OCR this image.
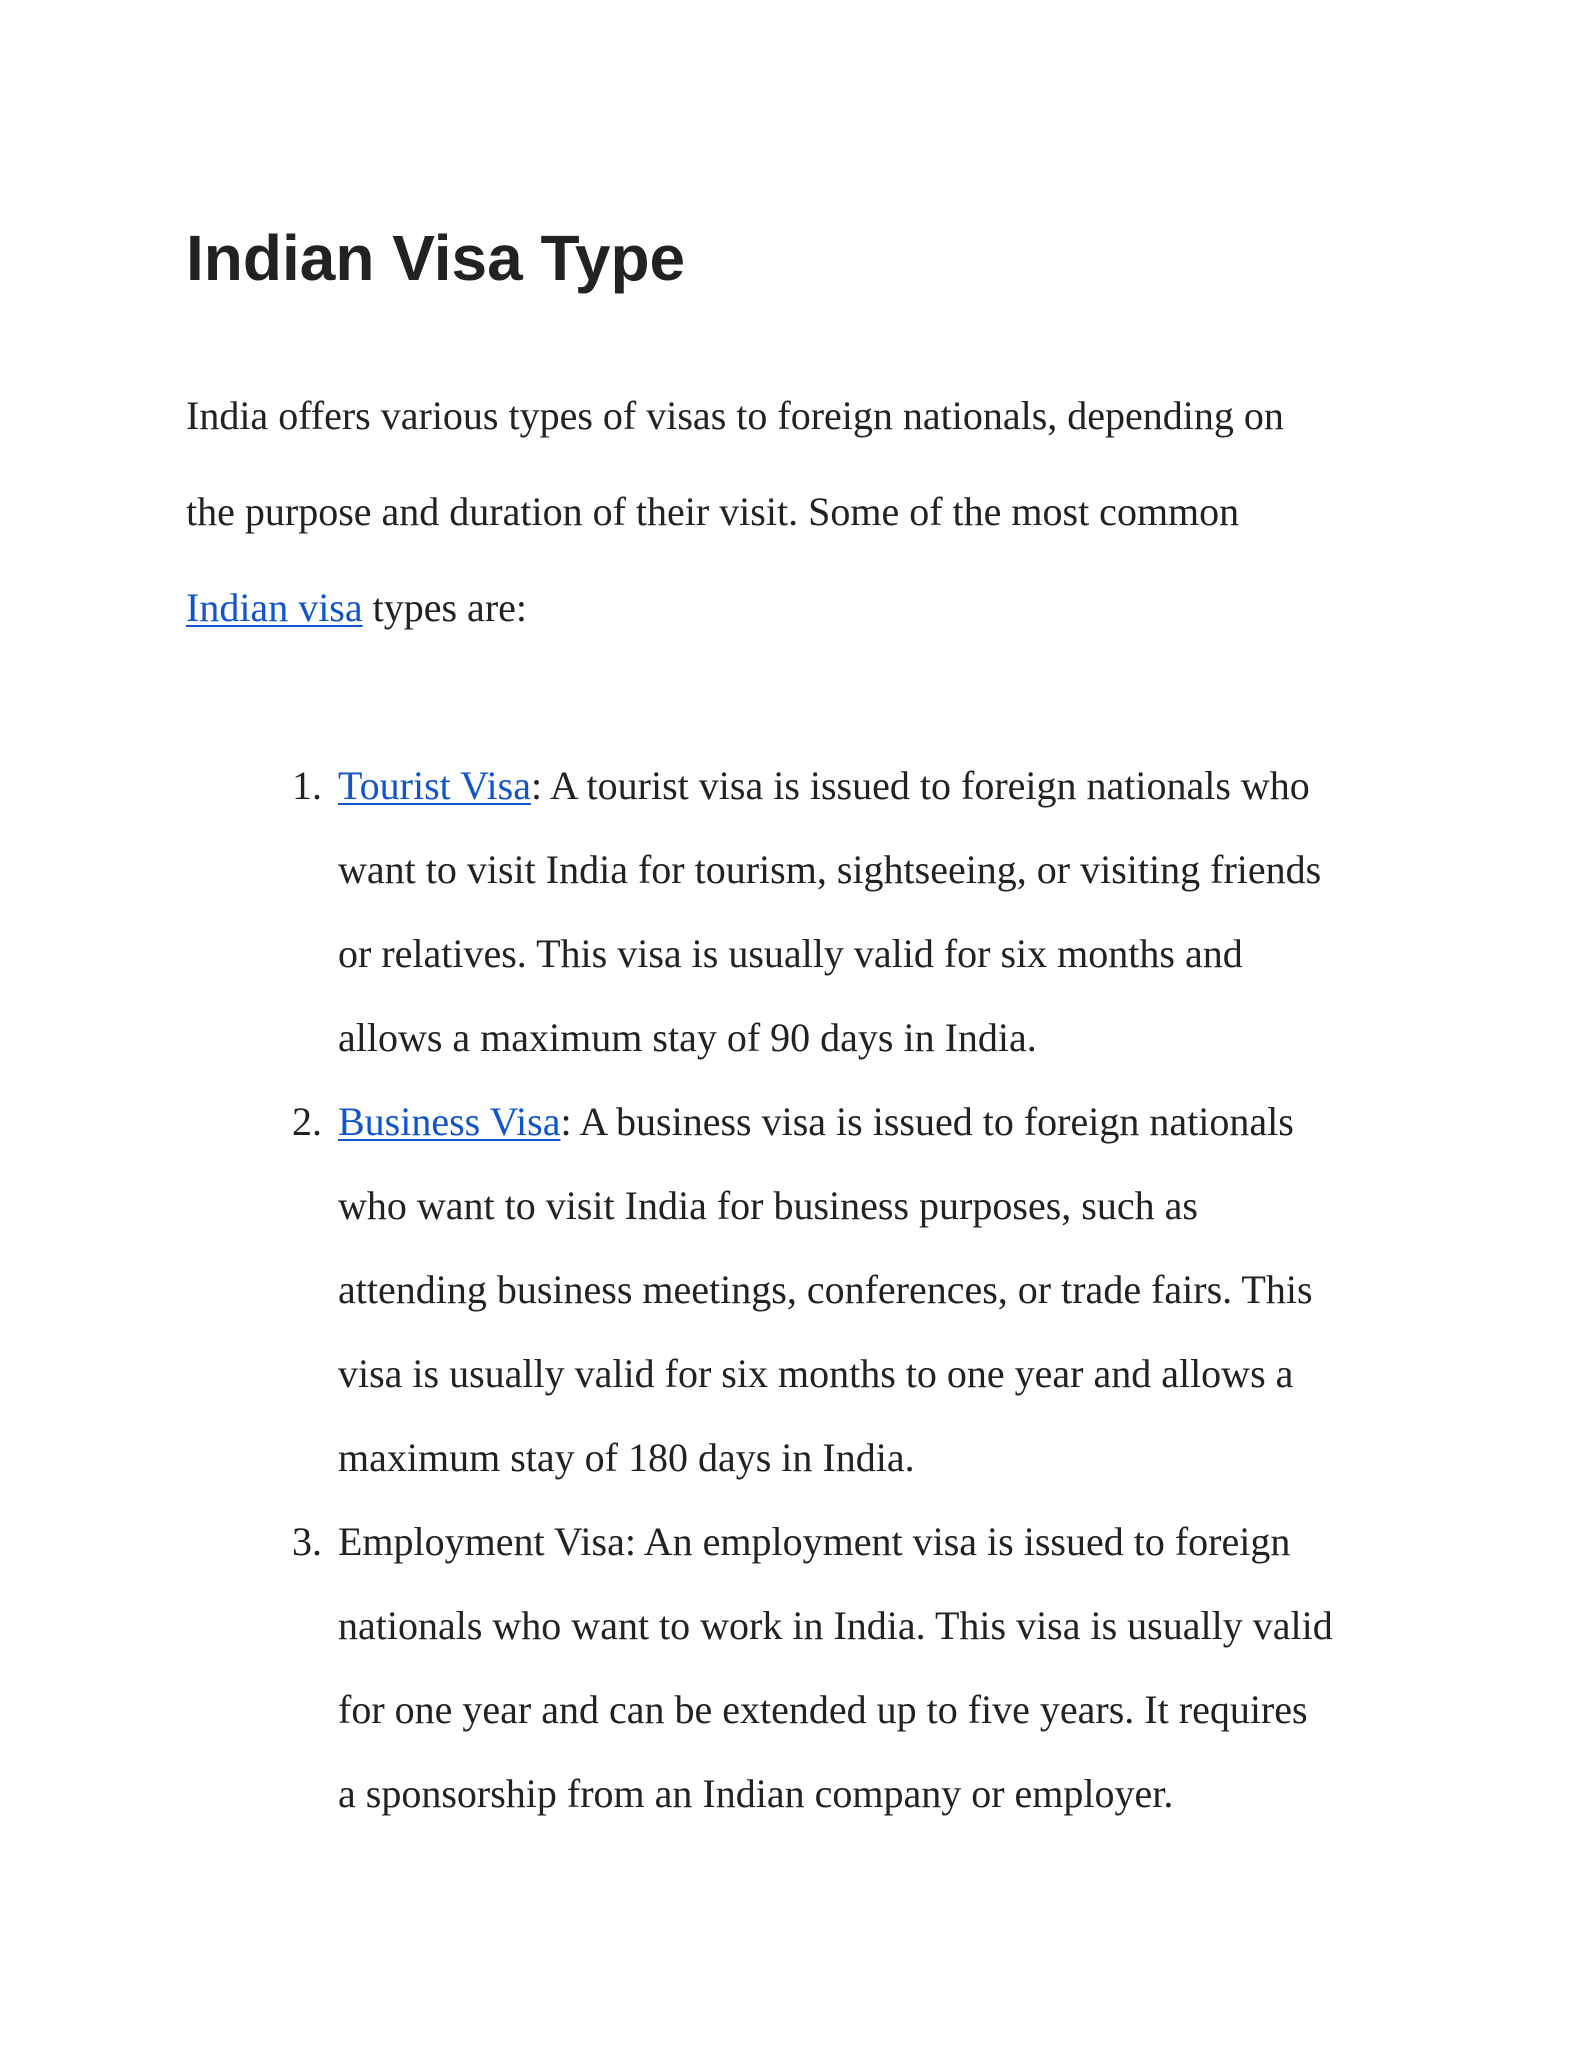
Indian Visa Type

India offers various types of visas to foreign nationals, depending on
the purpose and duration of their visit. Some of the most common
Indian visa types are:

1. Tourist Visa: A tourist visa is issued to foreign nationals who
want to visit India for tourism, sightseeing, or visiting friends
or relatives. This visa is usually valid for six months and
allows a maximum stay of 90 days in India.
2. Business Visa: A business visa is issued to foreign nationals
who want to visit India for business purposes, such as
attending business meetings, conferences, or trade fairs. This
visa is usually valid for six months to one year and allows a
maximum stay of 180 days in India.
3. Employment Visa: An employment visa is issued to foreign
nationals who want to work in India. This visa is usually valid
for one year and can be extended up to five years. It requires
a sponsorship from an Indian company or employer.
